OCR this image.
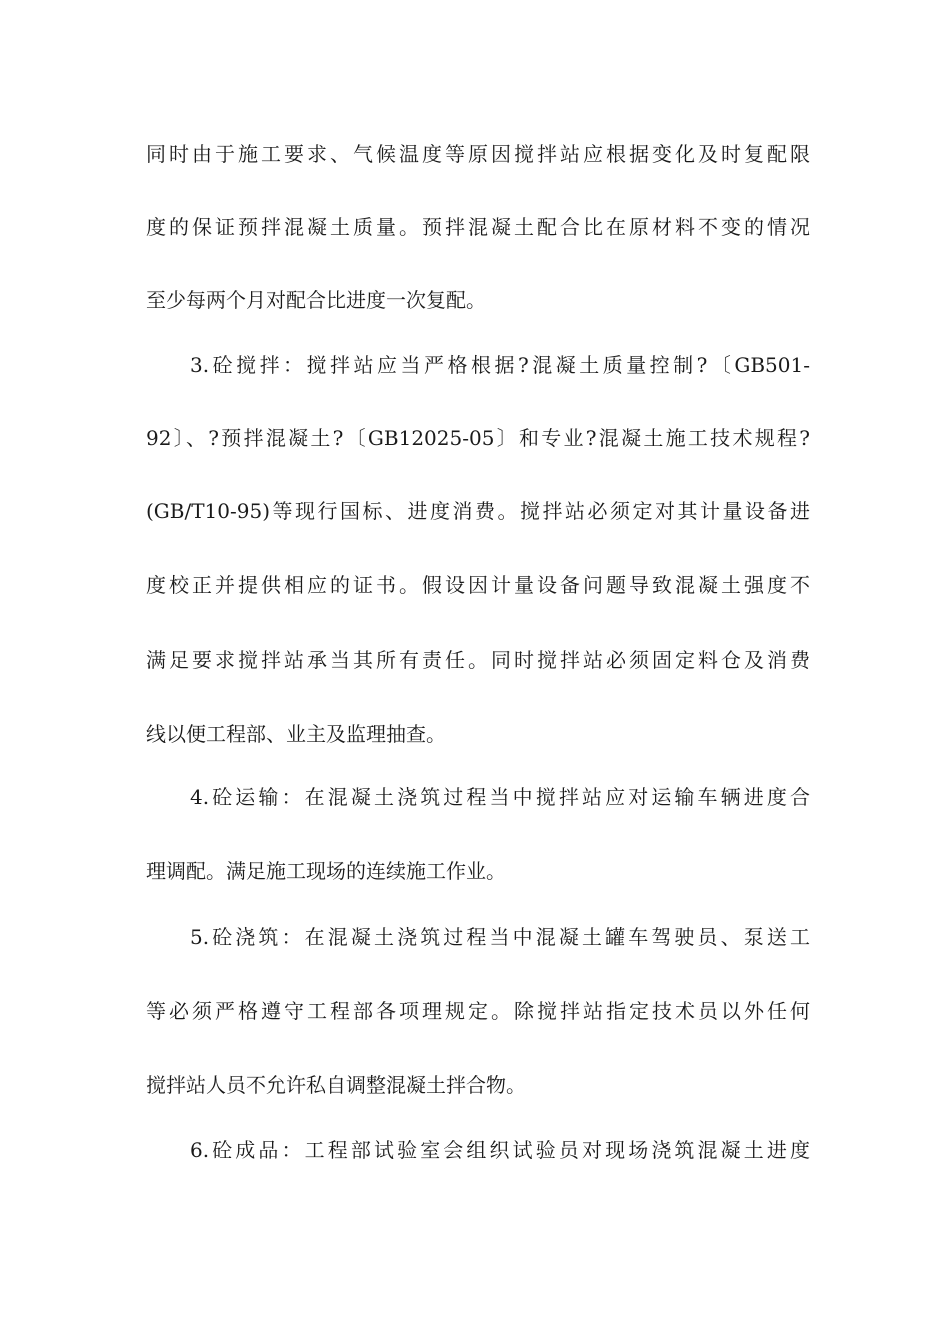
同时由于施工要求、气候温度等原因搅拌站应根据变化及时复配限
度的保证预拌混凝土质量。预拌混凝土配合比在原材料不变的情况
至少每两个月对配合比进度一次复配。
3.砼搅拌：搅拌站应当严格根据?混凝土质量控制?〔GB501-
92〕、?预拌混凝土?〔GB12025-05〕和专业?混凝土施工技术规程?
(GB/T10-95)等现行国标、进度消费。搅拌站必须定对其计量设备进
度校正并提供相应的证书。假设因计量设备问题导致混凝土强度不
满足要求搅拌站承当其所有责任。同时搅拌站必须固定料仓及消费
线以便工程部、业主及监理抽查。
4.砼运输：在混凝土浇筑过程当中搅拌站应对运输车辆进度合
理调配。满足施工现场的连续施工作业。
5.砼浇筑：在混凝土浇筑过程当中混凝土罐车驾驶员、泵送工
等必须严格遵守工程部各项理规定。除搅拌站指定技术员以外任何
搅拌站人员不允许私自调整混凝土拌合物。
6.砼成品：工程部试验室会组织试验员对现场浇筑混凝土进度
